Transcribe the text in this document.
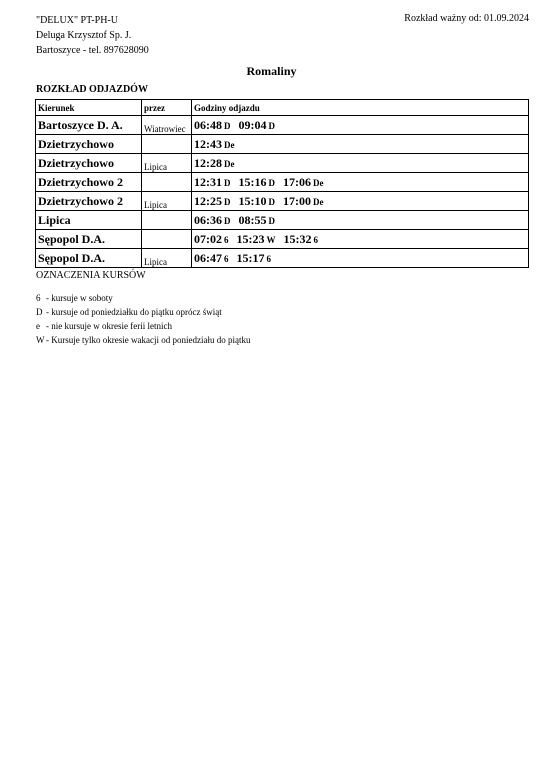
"DELUX" PT-PH-U
Deluga Krzysztof Sp. J.
Bartoszyce - tel. 897628090
Rozkład ważny od: 01.09.2024
Romaliny
ROZKŁAD ODJAZDÓW
Kierunek	przez	Godziny odjazdu
Bartoszyce D. A.	Wiatrowiec	06:48 D 09:04 D
Dzietrzychowo		12:43 De
Dzietrzychowo	Lipica	12:28 De
Dzietrzychowo 2		12:31 D 15:16 D 17:06 De
Dzietrzychowo 2	Lipica	12:25 D 15:10 D 17:00 De
Lipica		06:36 D 08:55 D
Sępopol D.A.		07:02 6 15:23 W 15:32 6
Sępopol D.A.	Lipica	06:47 6 15:17 6
OZNACZENIA KURSÓW
6 - kursuje w soboty
D - kursuje od poniedziałku do piątku oprócz świąt
e - nie kursuje w okresie ferii letnich
W - Kursuje tylko okresie wakacji od poniedziału do piątku
